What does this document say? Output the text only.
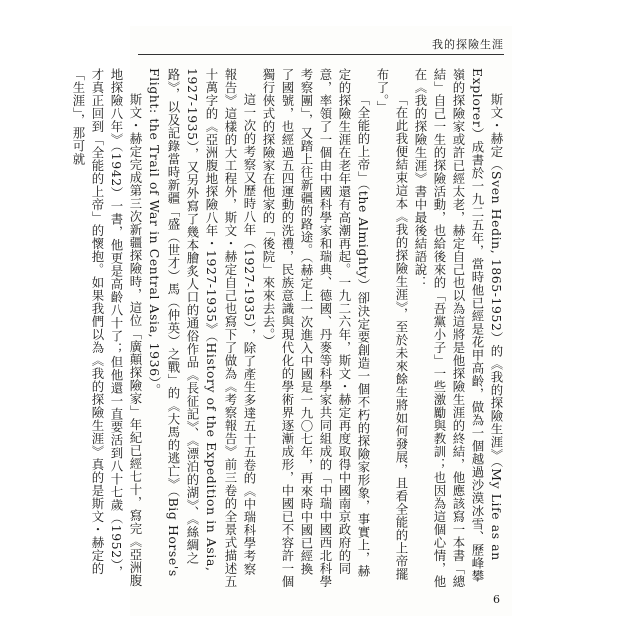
我的探險生涯

斯文・赫定（Sven Hedin, 1865-1952）的《我的探險生涯》（My Life as an Explorer）成書於一九二五年，當時他已經是花甲高齡，做為一個越過沙漠冰雪、歷峰攀嶺的探險家或許已經太老，赫定自己也以為這將是他探險生涯的終結，他應該寫一本書「總結」自己一生的探險活動，也給後來的「吾黨小子」一些激勵與教訓；也因為這個心情，他在《我的探險生涯》書中最後結語說：

「在此我便結束這本《我的探險生涯》，至於未來餘生將如何發展，且看全能的上帝擺布了。」

「全能的上帝」（the Almighty）卻決定要創造一個不朽的探險家形象，事實上，赫定的探險生涯在老年還有高潮再起。一九二六年，斯文・赫定再度取得中國南京政府的同意，率領了一個由中國科學家和瑞典、德國、丹麥等科學家共同組成的「中瑞中國西北科學考察團」，又踏上往新疆的路途。（赫定上一次進入中國是一九〇七年，再來時中國已經換了國號，也經過五四運動的洗禮，民族意識與現代化的學術界逐漸成形，中國已不容許一個獨行俠式的探險家在他家的「後院」來來去去。）

這一次的考察又歷時八年（1927-1935），除了產生多達五十五卷的《中瑞科學考察報告》這樣的大工程外，斯文・赫定自己也寫下了做為《考察報告》前三卷的全景式描述五十萬字的《亞洲腹地探險八年・1927-1935》（History of the Expedition in Asia, 1927-1935），又另外寫了幾本膾炙人口的通俗作品《長征記》、《漂泊的湖》、《絲綢之路》，以及記錄當時新疆「盛（世才）馬（仲英）之戰」的《大馬的逃亡》（Big Horse's Flight: the Trail of War in Central Asia, 1936）。

斯文・赫定完成第三次新疆探險時，這位「廣顛探險家」年紀已經七十，寫完《亞洲腹地探險八年》（1942）一書，他更是高齡八十了；但他還一直要活到八十七歲（1952），才真正回到「全能的上帝」的懷抱。如果我們以為《我的探險生涯》真的是斯文・赫定的「生涯」，那可就

6
